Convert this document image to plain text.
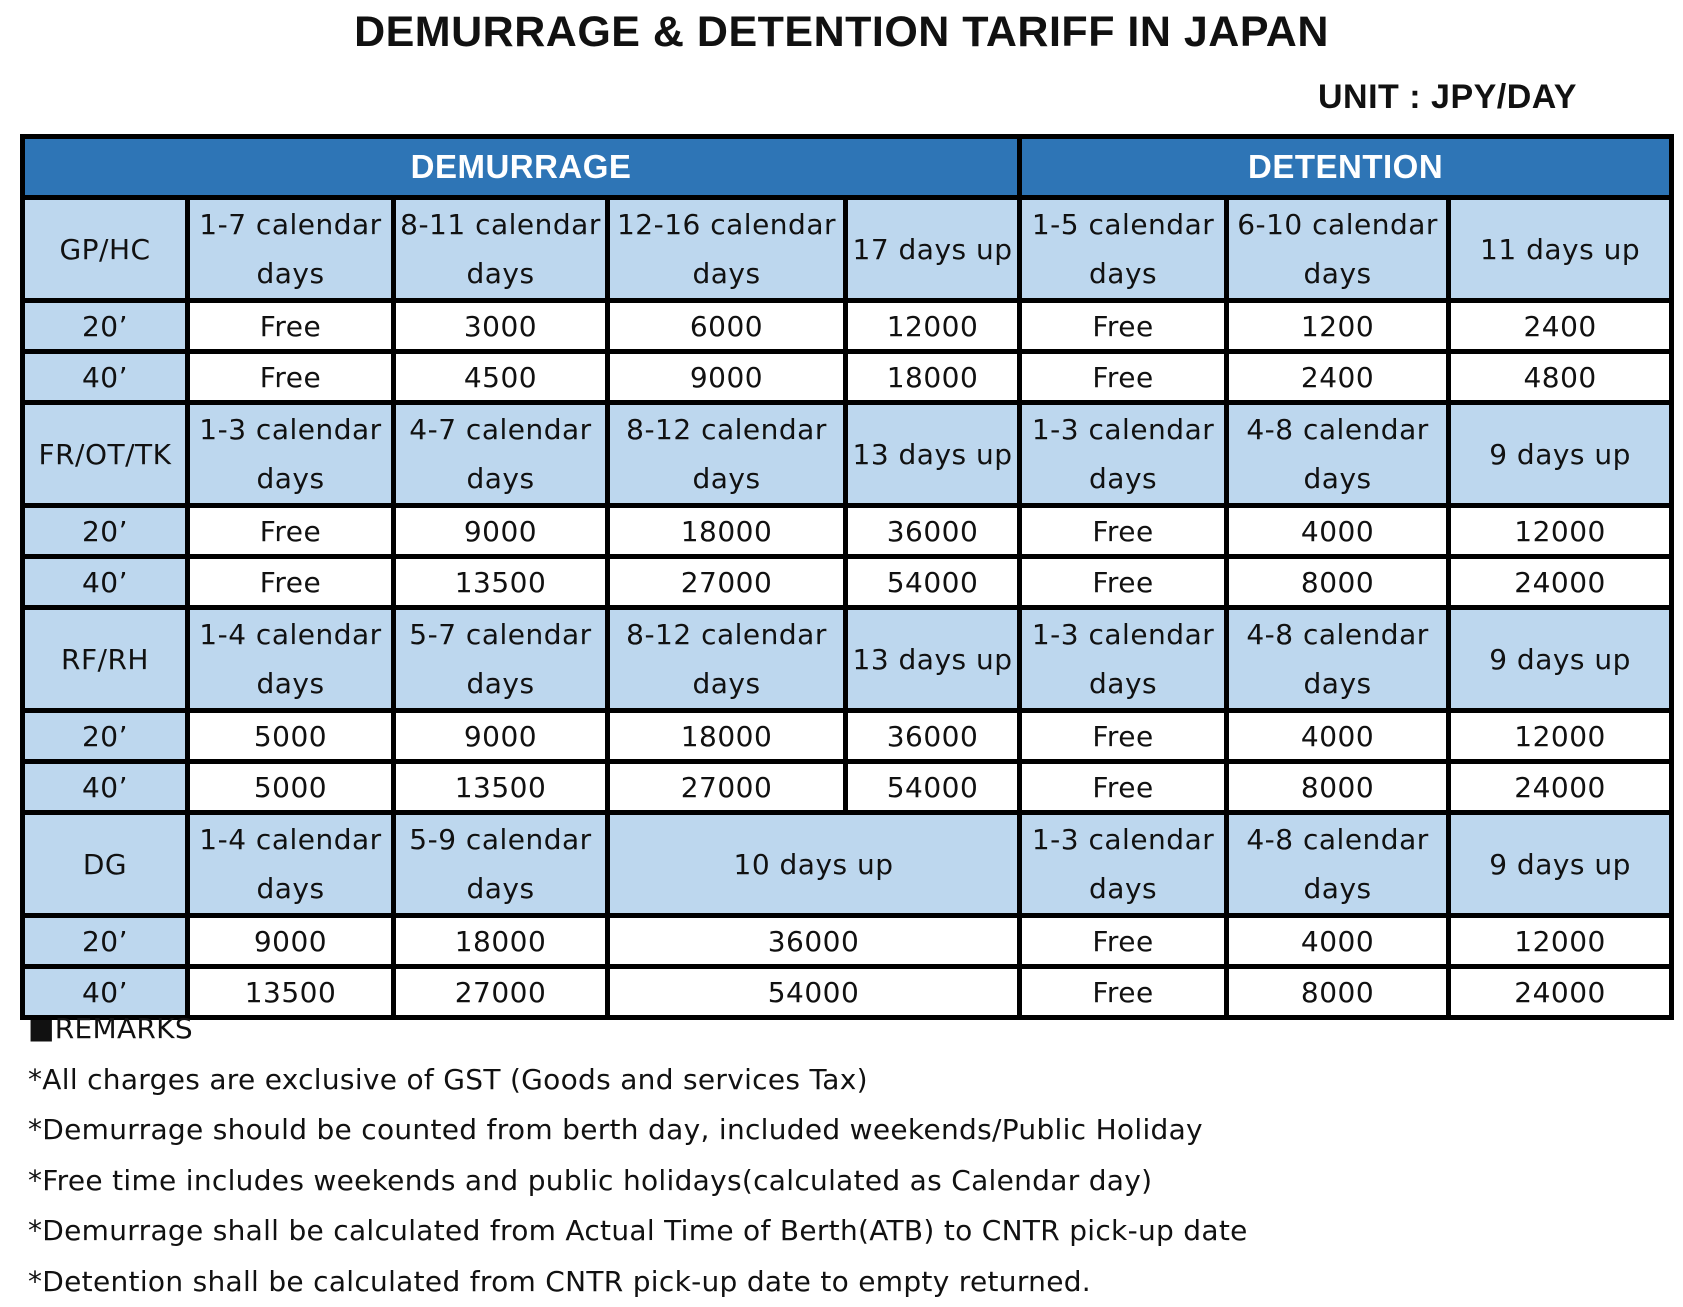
DEMURRAGE & DETENTION TARIFF IN JAPAN
UNIT : JPY/DAY
DEMURRAGE					DETENTION		
GP/HC	1-7 calendar days	8-11 calendar days	12-16 calendar days	17 days up	1-5 calendar days	6-10 calendar days	11 days up
20’	Free	3000	6000	12000	Free	1200	2400
40’	Free	4500	9000	18000	Free	2400	4800
FR/OT/TK	1-3 calendar days	4-7 calendar days	8-12 calendar days	13 days up	1-3 calendar days	4-8 calendar days	9 days up
20’	Free	9000	18000	36000	Free	4000	12000
40’	Free	13500	27000	54000	Free	8000	24000
RF/RH	1-4 calendar days	5-7 calendar days	8-12 calendar days	13 days up	1-3 calendar days	4-8 calendar days	9 days up
20’	5000	9000	18000	36000	Free	4000	12000
40’	5000	13500	27000	54000	Free	8000	24000
DG	1-4 calendar days	5-9 calendar days	10 days up		1-3 calendar days	4-8 calendar days	9 days up
20’	9000	18000	36000		Free	4000	12000
40’	13500	27000	54000		Free	8000	24000
■REMARKS
*All charges are exclusive of GST (Goods and services Tax)
*Demurrage should be counted from berth day, included weekends/Public Holiday
*Free time includes weekends and public holidays(calculated as Calendar day)
*Demurrage shall be calculated from Actual Time of Berth(ATB) to CNTR pick-up date
*Detention shall be calculated from CNTR pick-up date to empty returned.
